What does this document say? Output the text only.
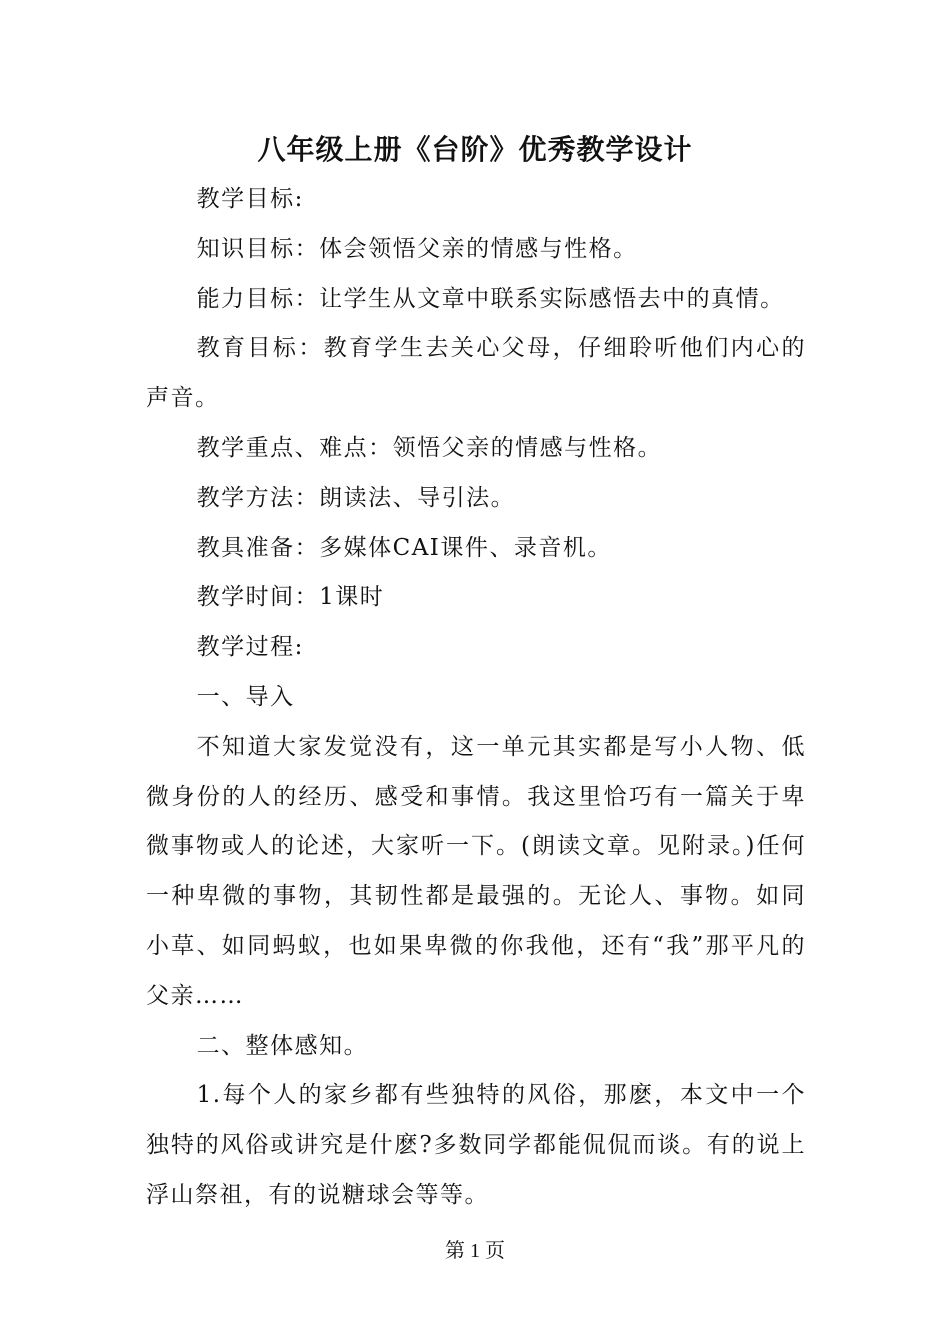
八年级上册《台阶》优秀教学设计

教学目标:

知识目标：体会领悟父亲的情感与性格。

能力目标：让学生从文章中联系实际感悟去中的真情。

教育目标：教育学生去关心父母，仔细聆听他们内心的声音。

教学重点、难点：领悟父亲的情感与性格。

教学方法：朗读法、导引法。

教具准备：多媒体CAI课件、录音机。

教学时间：1课时

教学过程:

一、导入

不知道大家发觉没有，这一单元其实都是写小人物、低微身份的人的经历、感受和事情。我这里恰巧有一篇关于卑微事物或人的论述，大家听一下。(朗读文章。见附录。)任何一种卑微的事物，其韧性都是最强的。无论人、事物。如同小草、如同蚂蚁，也如果卑微的你我他，还有“我”那平凡的父亲……

二、整体感知。

1.每个人的家乡都有些独特的风俗，那麽，本文中一个独特的风俗或讲究是什麽?多数同学都能侃侃而谈。有的说上浮山祭祖，有的说糖球会等等。

第 1 页
